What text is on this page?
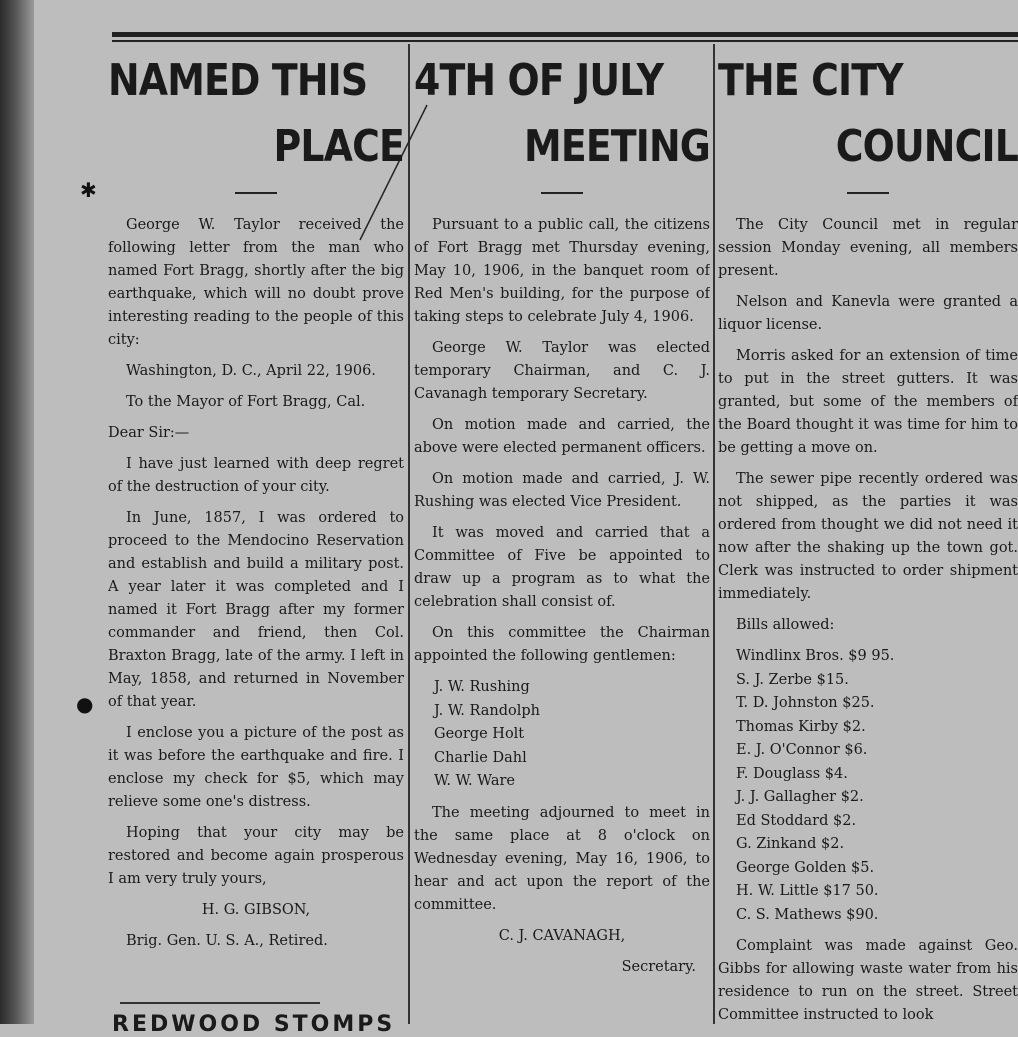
✱
●
NAMED THIS
PLACE

George W. Taylor received the following letter from the man who named Fort Bragg, shortly after the big earthquake, which will no doubt prove interesting reading to the people of this city:

Washington, D. C., April 22, 1906.

To the Mayor of Fort Bragg, Cal.

Dear Sir:—

I have just learned with deep regret of the destruction of your city.

In June, 1857, I was ordered to proceed to the Mendocino Reservation and establish and build a military post. A year later it was completed and I named it Fort Bragg after my former commander and friend, then Col. Braxton Bragg, late of the army. I left in May, 1858, and returned in November of that year.

I enclose you a picture of the post as it was before the earthquake and fire. I enclose my check for $5, which may relieve some one's distress.

Hoping that your city may be restored and become again prosperous I am very truly yours,

H. G. GIBSON,

Brig. Gen. U. S. A., Retired.

4TH OF JULY
MEETING

Pursuant to a public call, the citizens of Fort Bragg met Thursday evening, May 10, 1906, in the banquet room of Red Men's building, for the purpose of taking steps to celebrate July 4, 1906.

George W. Taylor was elected temporary Chairman, and C. J. Cavanagh temporary Secretary.

On motion made and carried, the above were elected permanent officers.

On motion made and carried, J. W. Rushing was elected Vice President.

It was moved and carried that a Committee of Five be appointed to draw up a program as to what the celebration shall consist of.

On this committee the Chairman appointed the following gentlemen:

J. W. Rushing
J. W. Randolph
George Holt
Charlie Dahl
W. W. Ware

The meeting adjourned to meet in the same place at 8 o'clock on Wednesday evening, May 16, 1906, to hear and act upon the report of the committee.

C. J. CAVANAGH,

Secretary.

THE CITY
COUNCIL

The City Council met in regular session Monday evening, all members present.

Nelson and Kanevla were granted a liquor license.

Morris asked for an extension of time to put in the street gutters. It was granted, but some of the members of the Board thought it was time for him to be getting a move on.

The sewer pipe recently ordered was not shipped, as the parties it was ordered from thought we did not need it now after the shaking up the town got. Clerk was instructed to order shipment immediately.

Bills allowed:

Windlinx Bros. $9 95.
S. J. Zerbe $15.
T. D. Johnston $25.
Thomas Kirby $2.
E. J. O'Connor $6.
F. Douglass $4.
J. J. Gallagher $2.
Ed Stoddard $2.
G. Zinkand $2.
George Golden $5.
H. W. Little $17 50.
C. S. Mathews $90.

Complaint was made against Geo. Gibbs for allowing waste water from his residence to run on the street. Street Committee instructed to look

REDWOOD STOMPS
